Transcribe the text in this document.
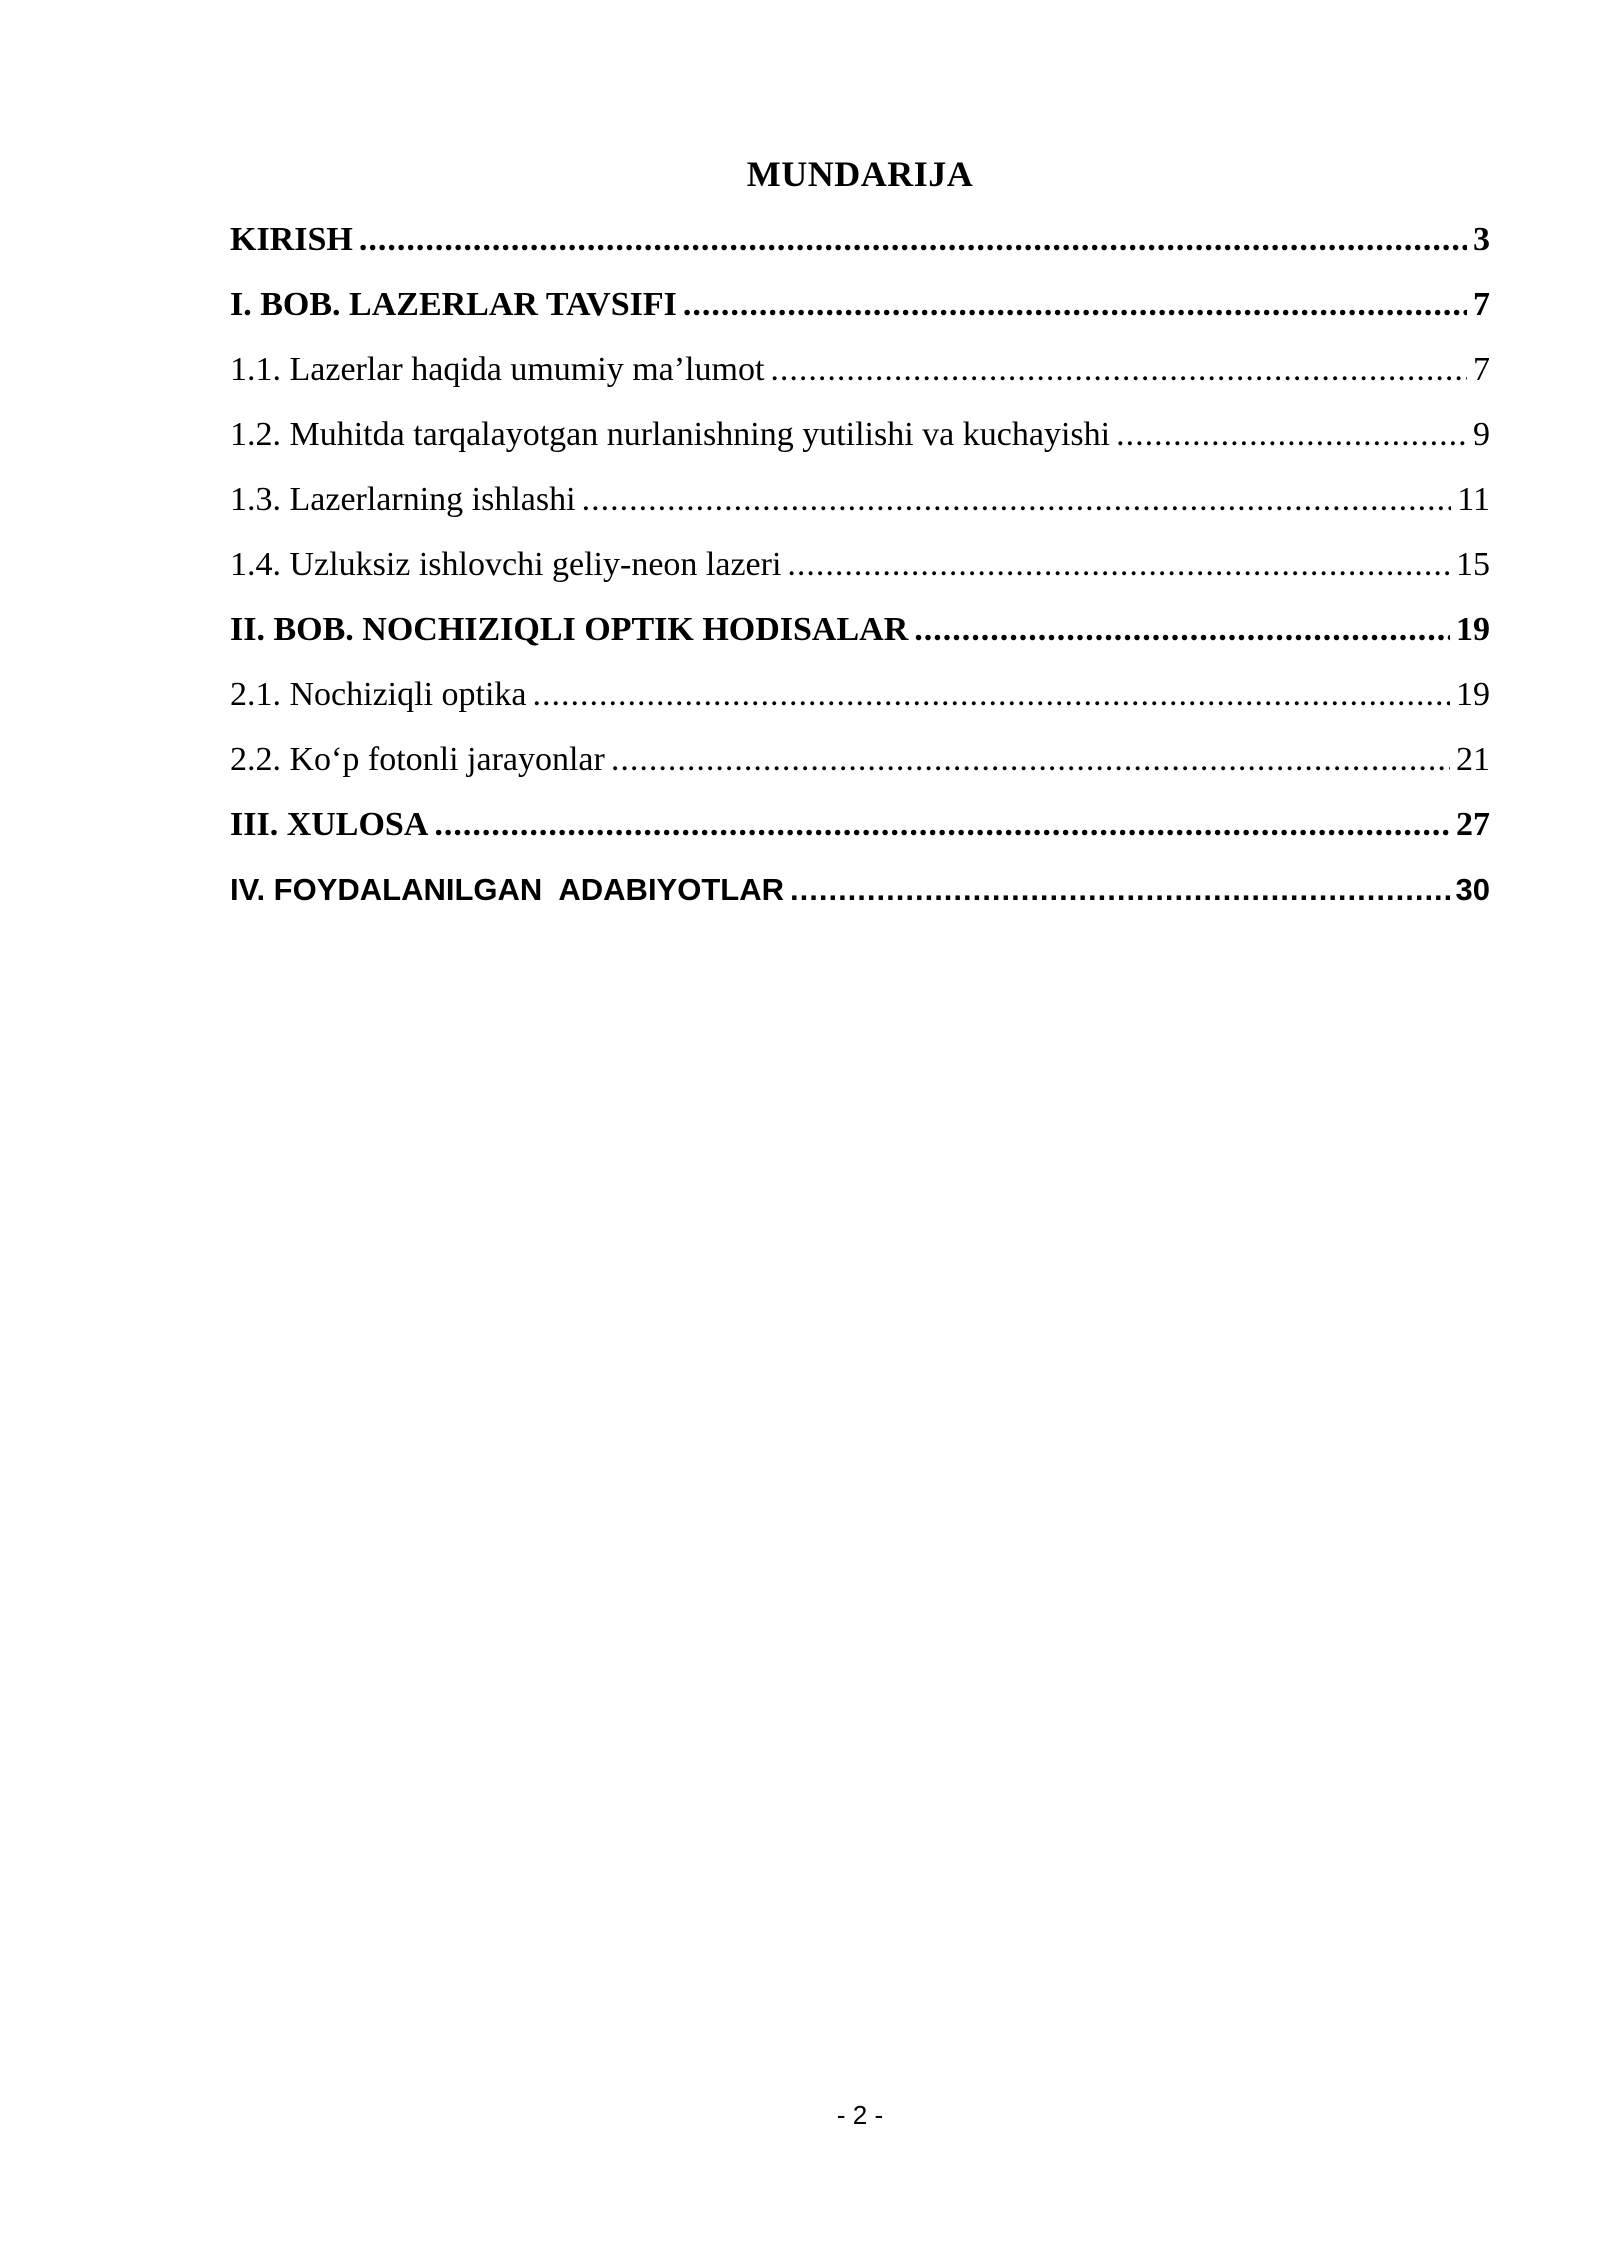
MUNDARIJA
KIRISH .....	3
I. BOB. LAZERLAR TAVSIFI .....	7
1.1. Lazerlar haqida umumiy ma’lumot .....	7
1.2. Muhitda tarqalayotgan nurlanishning yutilishi va kuchayishi .....	9
1.3. Lazerlarning ishlashi .....	11
1.4. Uzluksiz ishlovchi geliy-neon lazeri .....	15
II. BOB. NOCHIZIQLI OPTIK HODISALAR .....	19
2.1. Nochiziqli optika .....	19
2.2. Ko‘p fotonli jarayonlar .....	21
III. XULOSA .....	27
IV. FOYDALANILGAN  ADABIYOTLAR .....	30
- 2 -
